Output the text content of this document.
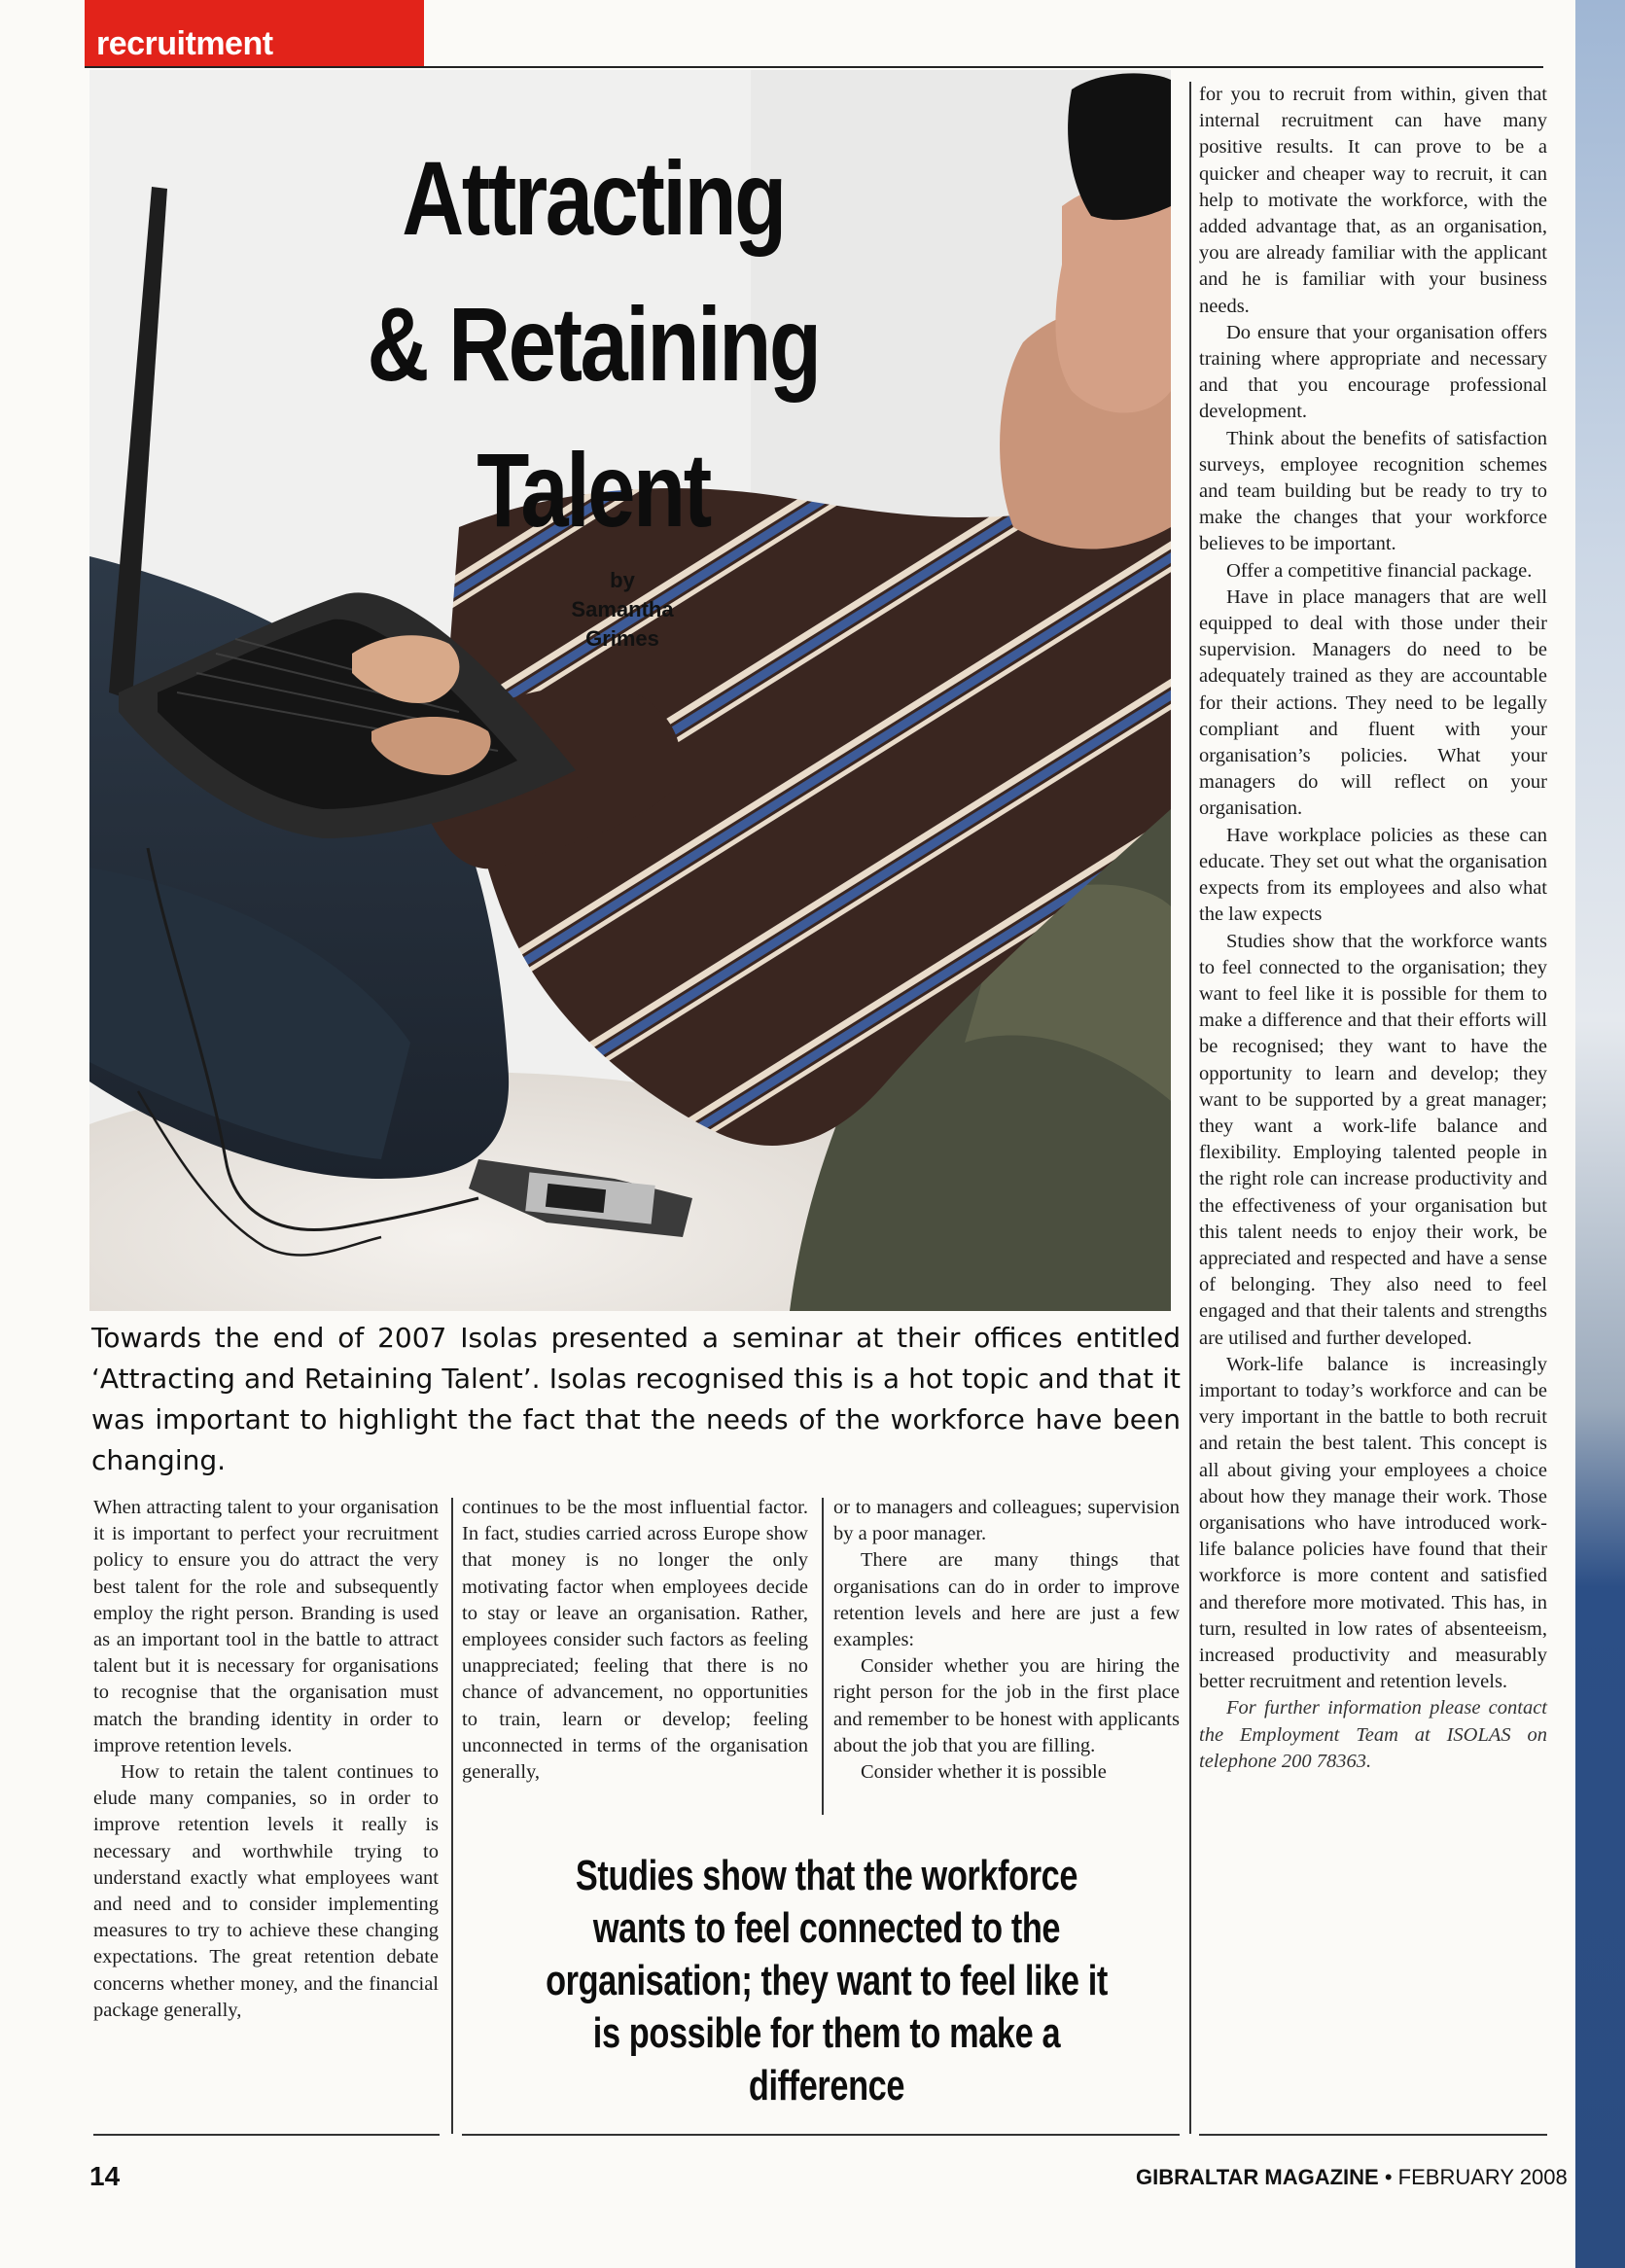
recruitment
Attracting
& Retaining
Talent
by
Samantha
Grimes
Towards the end of 2007 Isolas presented a seminar at their offices entitled ‘Attracting and Retaining Talent’. Isolas recognised this is a hot topic and that it was important to highlight the fact that the needs of the workforce have been changing.

When attracting talent to your organisation it is important to perfect your recruitment policy to ensure you do attract the very best talent for the role and subsequently employ the right person. Branding is used as an important tool in the battle to attract talent but it is necessary for organisations to recognise that the organisation must match the branding identity in order to improve retention levels.

How to retain the talent continues to elude many companies, so in order to improve retention levels it really is necessary and worthwhile trying to understand exactly what employees want and need and to consider implementing measures to try to achieve these changing expectations. The great retention debate concerns whether money, and the financial package generally,

continues to be the most influential factor. In fact, studies carried across Europe show that money is no longer the only motivating factor when employees decide to stay or leave an organisation. Rather, employees consider such factors as feeling unappreciated; feeling that there is no chance of advancement, no opportunities to train, learn or develop; feeling unconnected in terms of the organisation generally,

or to managers and colleagues; supervision by a poor manager.

There are many things that organisations can do in order to improve retention levels and here are just a few examples:

Consider whether you are hiring the right person for the job in the first place and remember to be honest with applicants about the job that you are filling.

Consider whether it is possible

for you to recruit from within, given that internal recruitment can have many positive results. It can prove to be a quicker and cheaper way to recruit, it can help to motivate the workforce, with the added advantage that, as an organisation, you are already familiar with the applicant and he is familiar with your business needs.

Do ensure that your organisation offers training where appropriate and necessary and that you encourage professional development.

Think about the benefits of satisfaction surveys, employee recognition schemes and team building but be ready to try to make the changes that your workforce believes to be important.

Offer a competitive financial package.

Have in place managers that are well equipped to deal with those under their supervision. Managers do need to be adequately trained as they are accountable for their actions. They need to be legally compliant and fluent with your organisation’s policies. What your managers do will reflect on your organisation.

Have workplace policies as these can educate. They set out what the organisation expects from its employees and also what the law expects

Studies show that the workforce wants to feel connected to the organisation; they want to feel like it is possible for them to make a difference and that their efforts will be recognised; they want to have the opportunity to learn and develop; they want to be supported by a great manager; they want a work-life balance and flexibility. Employing talented people in the right role can increase productivity and the effectiveness of your organisation but this talent needs to enjoy their work, be appreciated and respected and have a sense of belonging. They also need to feel engaged and that their talents and strengths are utilised and further developed.

Work-life balance is increasingly important to today’s workforce and can be very important in the battle to both recruit and retain the best talent. This concept is all about giving your employees a choice about how they manage their work. Those organisations who have introduced work-life balance policies have found that their workforce is more content and satisfied and therefore more motivated. This has, in turn, resulted in low rates of absenteeism, increased productivity and measurably better recruitment and retention levels.

For further information please contact the Employment Team at ISOLAS on telephone 200 78363.

Studies show that the workforce wants to feel connected to the organisation; they want to feel like it is possible for them to make a difference
14	GIBRALTAR MAGAZINE • FEBRUARY 2008
